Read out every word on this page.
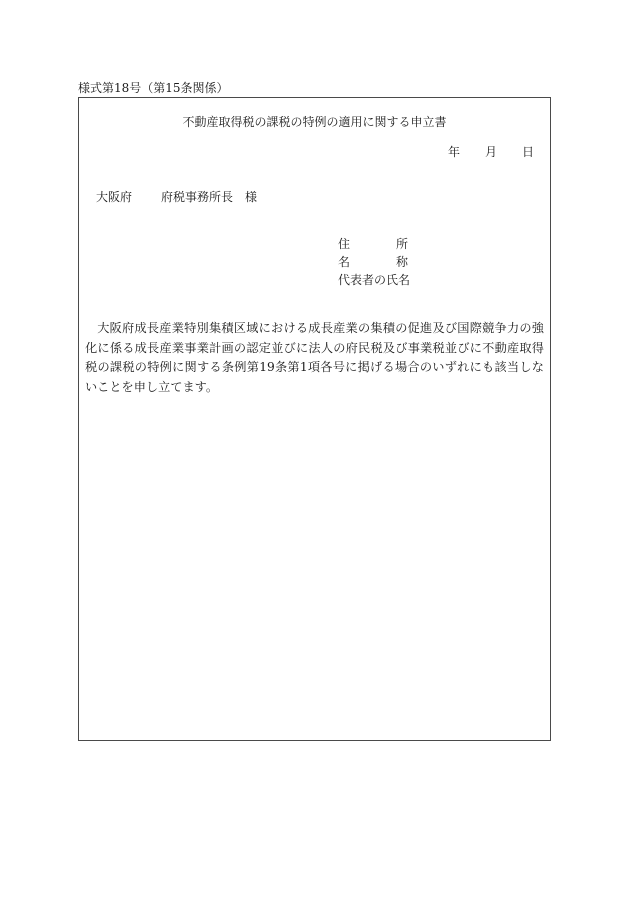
様式第18号（第15条関係）
不動産取得税の課税の特例の適用に関する申立書
年 月 日
大阪府 府税事務所長 様
住	所
名	称
代表者の氏名
大阪府成長産業特別集積区域における成長産業の集積の促進及び国際競争力の強化に係る成長産業事業計画の認定並びに法人の府民税及び事業税並びに不動産取得税の課税の特例に関する条例第19条第1項各号に掲げる場合のいずれにも該当しないことを申し立てます。
